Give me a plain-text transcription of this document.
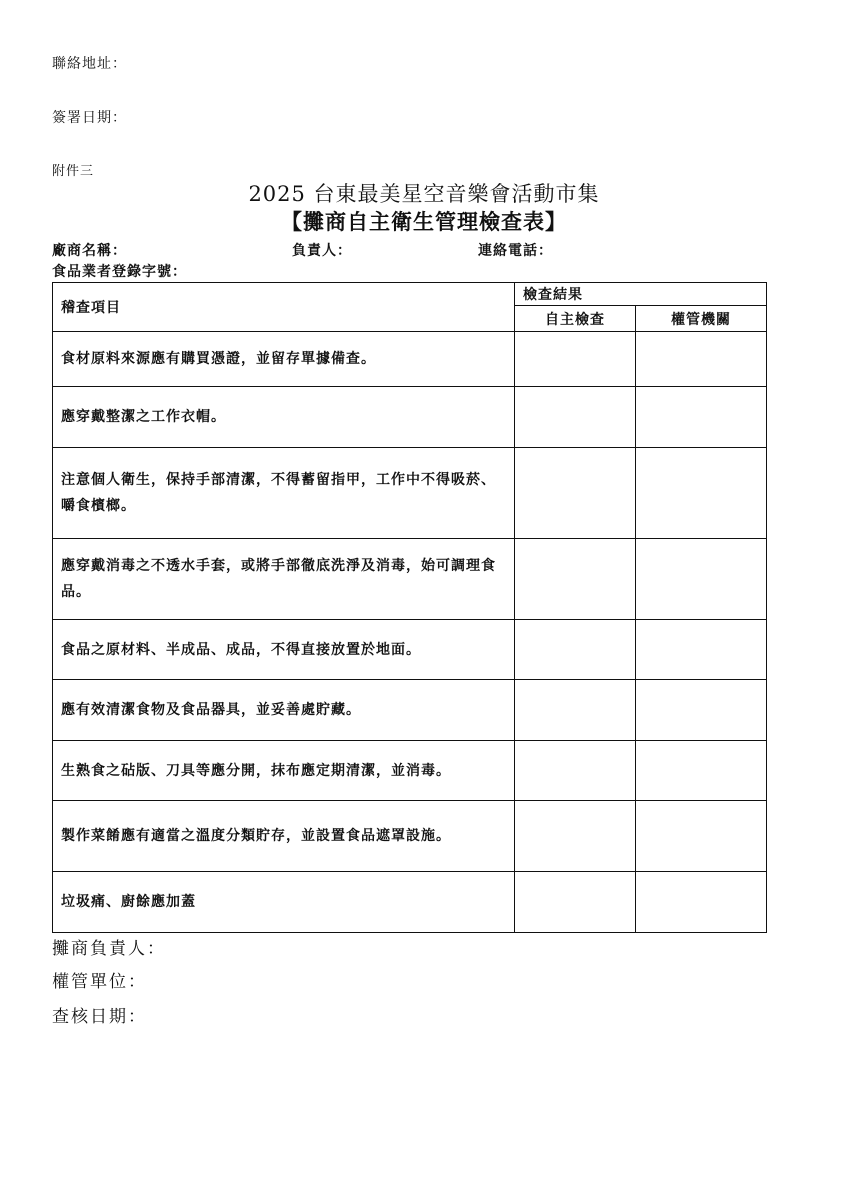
聯絡地址：
簽署日期：
附件三
2025 台東最美星空音樂會活動市集
【攤商自主衛生管理檢查表】
廠商名稱：	負責人：	連絡電話：
食品業者登錄字號：
稽查項目	檢查結果	
	自主檢查	權管機關
食材原料來源應有購買憑證，並留存單據備查。		
應穿戴整潔之工作衣帽。		
注意個人衛生，保持手部清潔，不得蓄留指甲，工作中不得吸菸、嚼食檳榔。		
應穿戴消毒之不透水手套，或將手部徹底洗淨及消毒，始可調理食品。		
食品之原材料、半成品、成品，不得直接放置於地面。		
應有效清潔食物及食品器具，並妥善處貯藏。		
生熟食之砧版、刀具等應分開，抹布應定期清潔，並消毒。		
製作菜餚應有適當之溫度分類貯存，並設置食品遮罩設施。		
垃圾痛、廚餘應加蓋		
攤商負責人：
權管單位：
查核日期：
